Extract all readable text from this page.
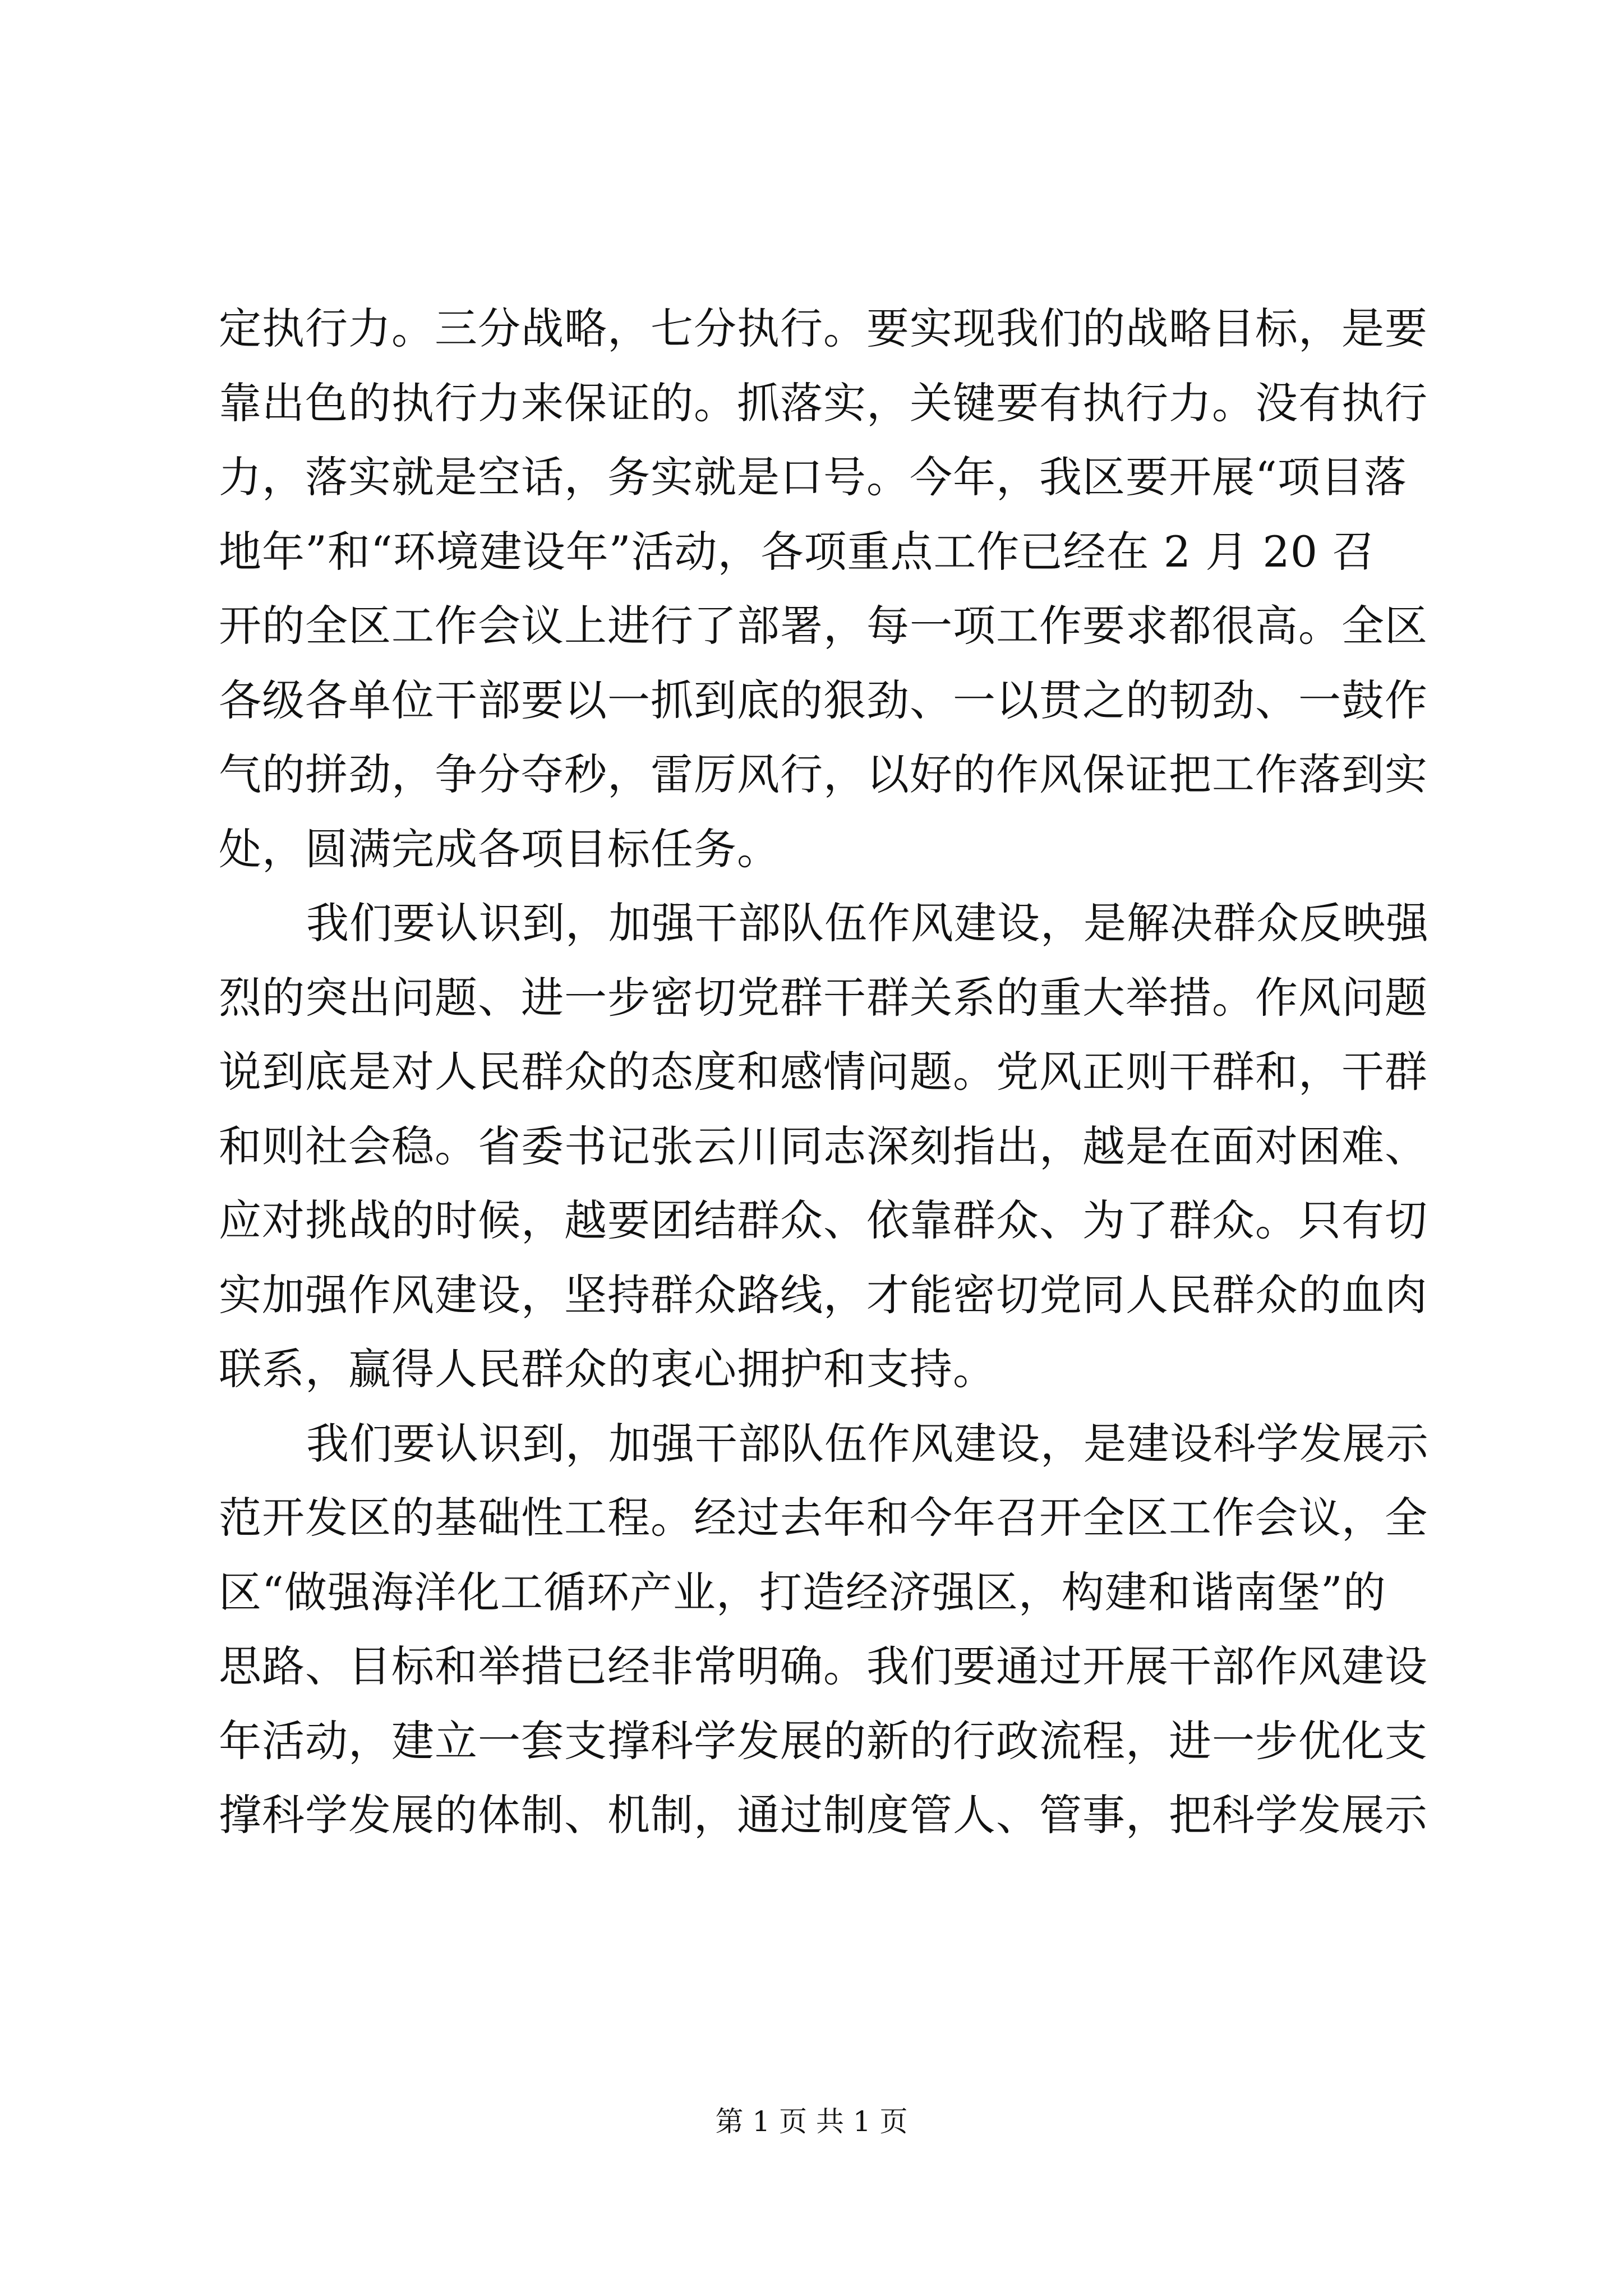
定执行力。三分战略，七分执行。要实现我们的战略目标，是要
靠出色的执行力来保证的。抓落实，关键要有执行力。没有执行
力，落实就是空话，务实就是口号。今年，我区要开展“项目落
地年”和“环境建设年”活动，各项重点工作已经在 2 月 20 召
开的全区工作会议上进行了部署，每一项工作要求都很高。全区
各级各单位干部要以一抓到底的狠劲、一以贯之的韧劲、一鼓作
气的拼劲，争分夺秒，雷厉风行，以好的作风保证把工作落到实
处，圆满完成各项目标任务。
我们要认识到，加强干部队伍作风建设，是解决群众反映强
烈的突出问题、进一步密切党群干群关系的重大举措。作风问题
说到底是对人民群众的态度和感情问题。党风正则干群和，干群
和则社会稳。省委书记张云川同志深刻指出，越是在面对困难、
应对挑战的时候，越要团结群众、依靠群众、为了群众。只有切
实加强作风建设，坚持群众路线，才能密切党同人民群众的血肉
联系，赢得人民群众的衷心拥护和支持。
我们要认识到，加强干部队伍作风建设，是建设科学发展示
范开发区的基础性工程。经过去年和今年召开全区工作会议，全
区“做强海洋化工循环产业，打造经济强区，构建和谐南堡”的
思路、目标和举措已经非常明确。我们要通过开展干部作风建设
年活动，建立一套支撑科学发展的新的行政流程，进一步优化支
撑科学发展的体制、机制，通过制度管人、管事，把科学发展示
第 1 页 共 1 页
